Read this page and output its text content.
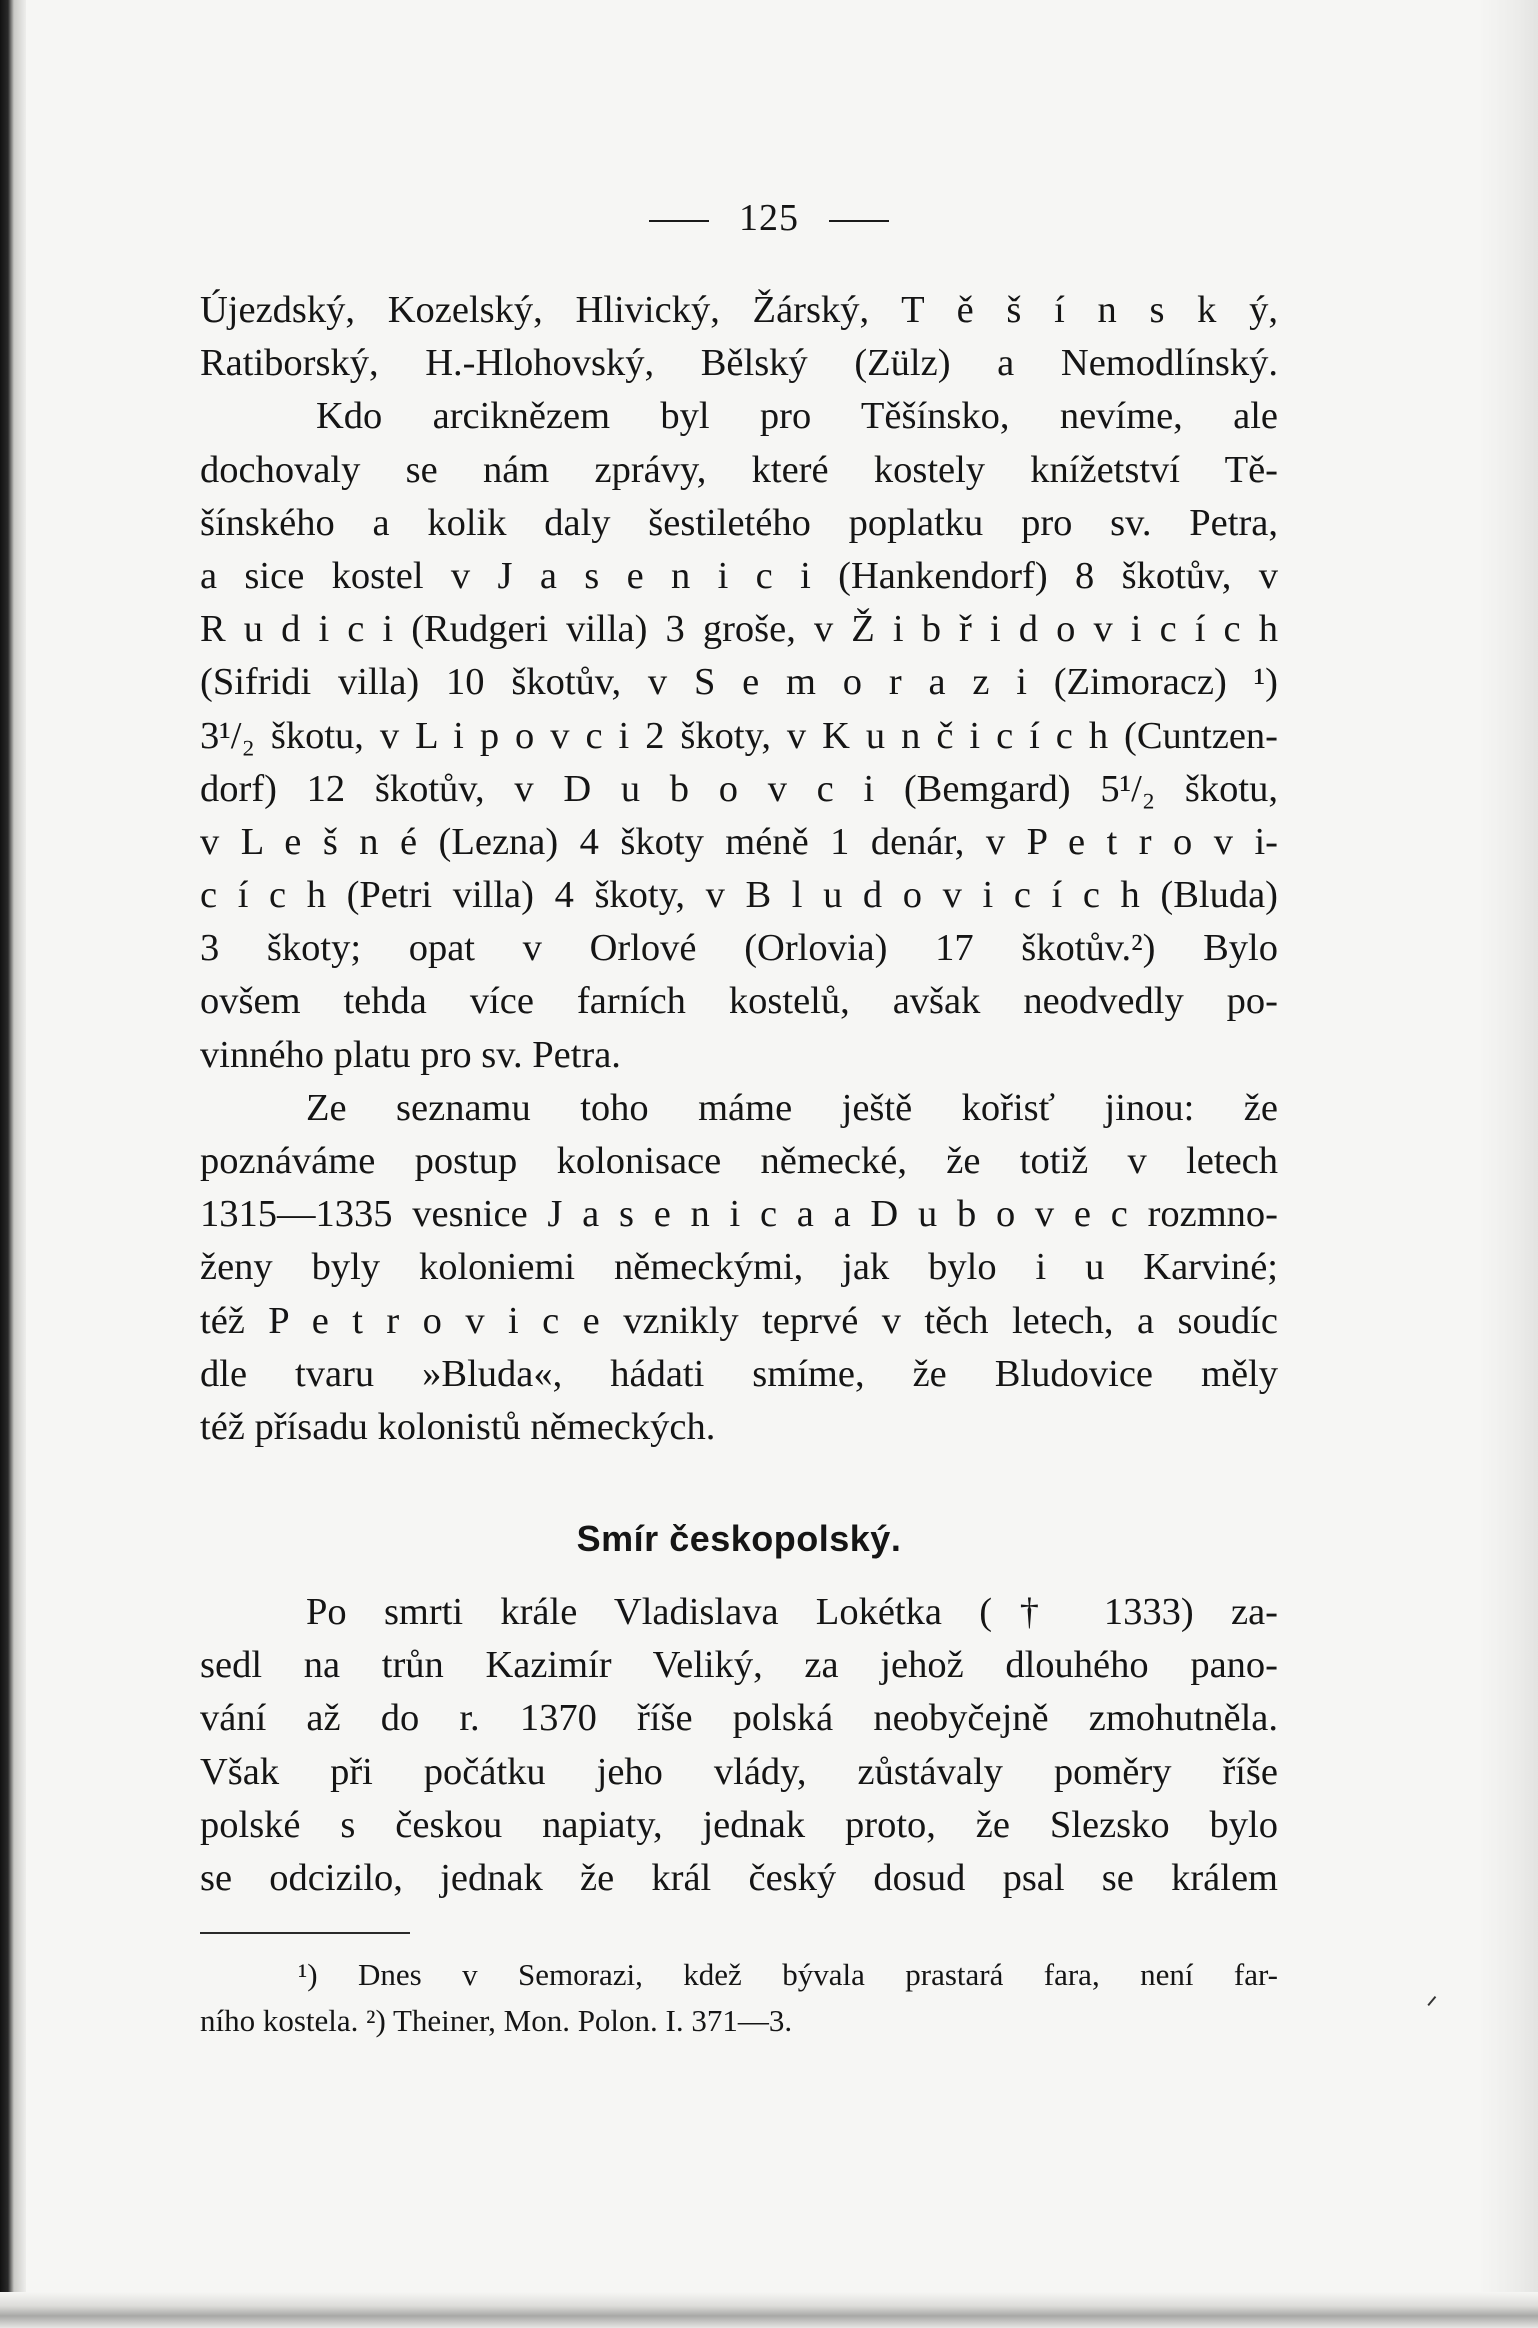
125
Újezdský, Kozelský, Hlivický, Žárský, T ě š í n s k ý,
Ratiborský, H.-Hlohovský, Bělský (Zülz) a Nemodlínský.
Kdo arciknězem byl pro Těšínsko, nevíme, ale
dochovaly se nám zprávy, které kostely knížetství Tě-
šínského a kolik daly šestiletého poplatku pro sv. Petra,
a sice kostel v J a s e n i c i (Hankendorf) 8 škotův, v
R u d i c i (Rudgeri villa) 3 groše, v Ž i b ř i d o v i c í c h
(Sifridi villa) 10 škotův, v S e m o r a z i (Zimoracz) ¹)
3¹/₂ škotu, v L i p o v c i 2 škoty, v K u n č i c í c h (Cuntzen-
dorf) 12 škotův, v D u b o v c i (Bemgard) 5¹/₂ škotu,
v L e š n é (Lezna) 4 škoty méně 1 denár, v P e t r o v i-
c í c h (Petri villa) 4 škoty, v B l u d o v i c í c h (Bluda)
3 škoty; opat v Orlové (Orlovia) 17 škotův.²) Bylo
ovšem tehda více farních kostelů, avšak neodvedly po-
vinného platu pro sv. Petra.
Ze seznamu toho máme ještě kořisť jinou: že
poznáváme postup kolonisace německé, že totiž v letech
1315—1335 vesnice J a s e n i c a a D u b o v e c rozmno-
ženy byly koloniemi německými, jak bylo i u Karviné;
též P e t r o v i c e vznikly teprvé v těch letech, a soudíc
dle tvaru »Bluda«, hádati smíme, že Bludovice měly
též přísadu kolonistů německých.
Smír českopolský.
Po smrti krále Vladislava Lokétka († 1333) za-
sedl na trůn Kazimír Veliký, za jehož dlouhého pano-
vání až do r. 1370 říše polská neobyčejně zmohutněla.
Však při počátku jeho vlády, zůstávaly poměry říše
polské s českou napiaty, jednak proto, že Slezsko bylo
se odcizilo, jednak že král český dosud psal se králem
¹) Dnes v Semorazi, kdež bývala prastará fara, není far-
ního kostela. ²) Theiner, Mon. Polon. I. 371—3.	ᐟ
